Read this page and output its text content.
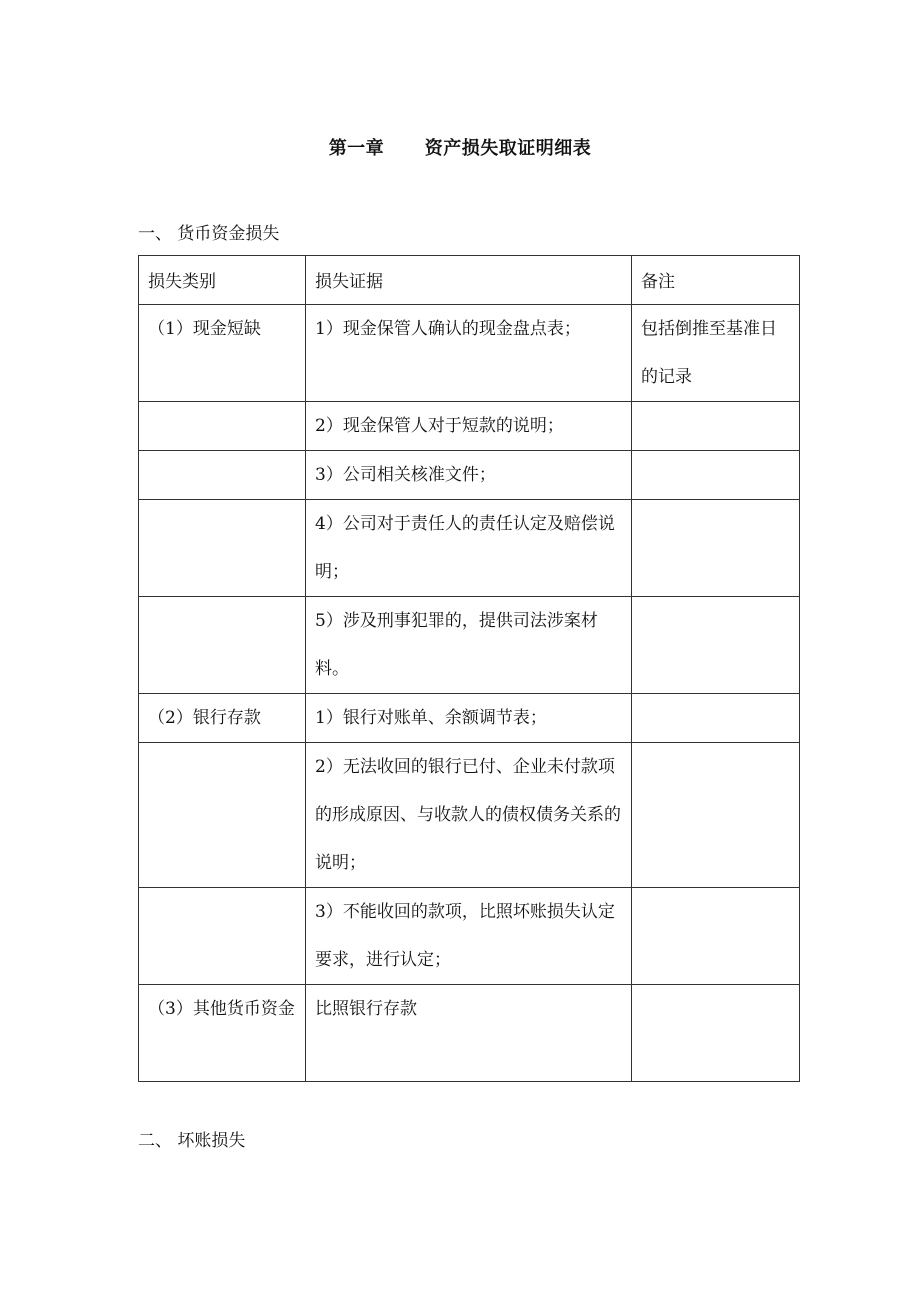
第一章      资产损失取证明细表
一、 货币资金损失
损失类别	损失证据	备注
（1）现金短缺	1）现金保管人确认的现金盘点表；	包括倒推至基准日的记录
	2）现金保管人对于短款的说明；	
	3）公司相关核准文件；	
	4）公司对于责任人的责任认定及赔偿说明；	
	5）涉及刑事犯罪的，提供司法涉案材料。	
（2）银行存款	1）银行对账单、余额调节表；	
	2）无法收回的银行已付、企业未付款项的形成原因、与收款人的债权债务关系的说明；	
	3）不能收回的款项，比照坏账损失认定要求，进行认定；	
（3）其他货币资金	比照银行存款	
二、 坏账损失
